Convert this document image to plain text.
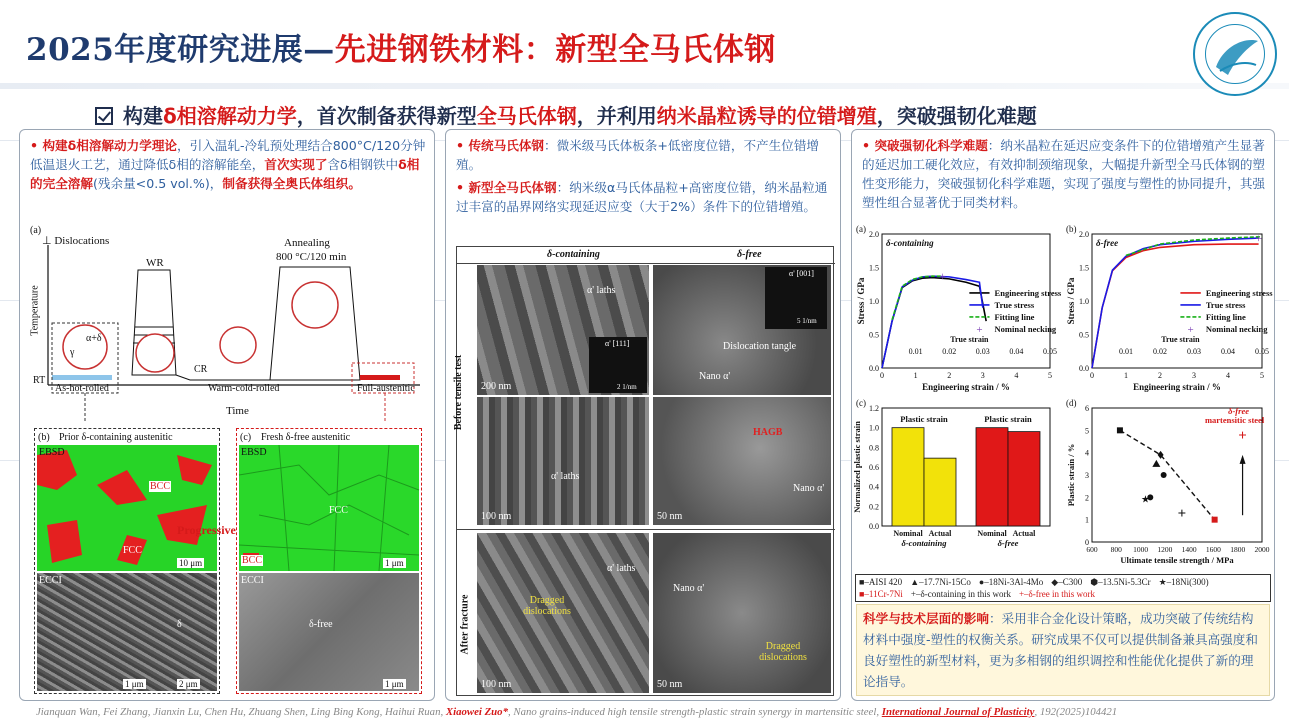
2025年度研究进展—先进钢铁材料：新型全马氏体钢
构建δ相溶解动力学，首次制备获得新型全马氏体钢，并利用纳米晶粒诱导的位错增殖，突破强韧化难题
• 构建δ相溶解动力学理论，引入温轧-冷轧预处理结合800°C/120分钟低温退火工艺，通过降低δ相的溶解能垒，首次实现了含δ相钢铁中δ相的完全溶解(残余量<0.5 vol.%)，制备获得全奥氏体组织。
(a)
⊥ Dislocations
Temperature
Time
RT
WR
CR
Annealing
800 °C/120 min
As-hot-rolled	Warm-cold-rolled	Full-austenitic
α+δ
γ
(b) Prior δ-containing austenitic
EBSD
BCC
FCC
Progressive
10 μm
ECCI
δ
1 μm	2 μm
(c) Fresh δ-free austenitic
EBSD
FCC
BCC	1 μm
ECCI
δ-free
1 μm
• 传统马氏体钢：微米级马氏体板条+低密度位错，不产生位错增殖。
• 新型全马氏体钢：纳米级α马氏体晶粒+高密度位错，纳米晶粒通过丰富的晶界网络实现延迟应变（大于2%）条件下的位错增殖。
δ-containing	δ-free
Before tensile test
After fracture
α' laths
α' [111]
200 nm	2 1/nm
α' [001]
5 1/nm
Dislocation tangle
Nano α'
α' laths
100 nm
HAGB
Nano α'
50 nm
Dragged dislocations
α' laths
100 nm
Nano α'
Dragged dislocations
50 nm
• 突破强韧化科学难题：纳米晶粒在延迟应变条件下的位错增殖产生显著的延迟加工硬化效应，有效抑制颈缩现象，大幅提升新型全马氏体钢的塑性变形能力，突破强韧化科学难题，实现了强度与塑性的协同提升，其强塑性组合显著优于同类材料。
(a)
δ-containing
0.0
0.5
1.0
1.5
2.0
0	1	2	3	4	5
Engineering strain / %
Stress / GPa
True strain
0.01 0.02 0.03 0.04 0.05
Engineering stress
True stress
Fitting line
+
+ Nominal necking
(b)
δ-free
0.0
0.5
1.0
1.5
2.0
0	1	2	3	4	5
Engineering strain / %
Stress / GPa
True strain
0.01	0.02	0.03	0.04	0.05
Engineering stress
True stress
Fitting line
+
+ Nominal necking
(c)
0.0
0.2
0.4
0.6
0.8
1.0
1.2
Normalized plastic strain
Nominal Actual
Plastic strain
δ-containing
Nominal Actual
Plastic strain
δ-free
(d)
0
1
2
3
4
5
6
600 800 1000 1200 1400 1600 1800 2000
Ultimate tensile strength / MPa
Plastic strain / %	★
+
+
δ-free
martensitic steel
■–AISI 420 ▲–17.7Ni-15Co ●–18Ni-3Al-4Mo ◆–C300 ⬢–13.5Ni-5.3Cr ★–18Ni(300)■–11Cr-7Ni +–δ-containing in this work +–δ-free in this work
科学与技术层面的影响：采用非合金化设计策略，成功突破了传统结构材料中强度-塑性的权衡关系。研究成果不仅可以提供制备兼具高强度和良好塑性的新型材料，更为多相钢的组织调控和性能优化提供了新的理论指导。
Jianquan Wan, Fei Zhang, Jianxin Lu, Chen Hu, Zhuang Shen, Ling Bing Kong, Haihui Ruan, Xiaowei Zuo*, Nano grains-induced high tensile strength-plastic strain synergy in martensitic steel, International Journal of Plasticity, 192(2025)104421
